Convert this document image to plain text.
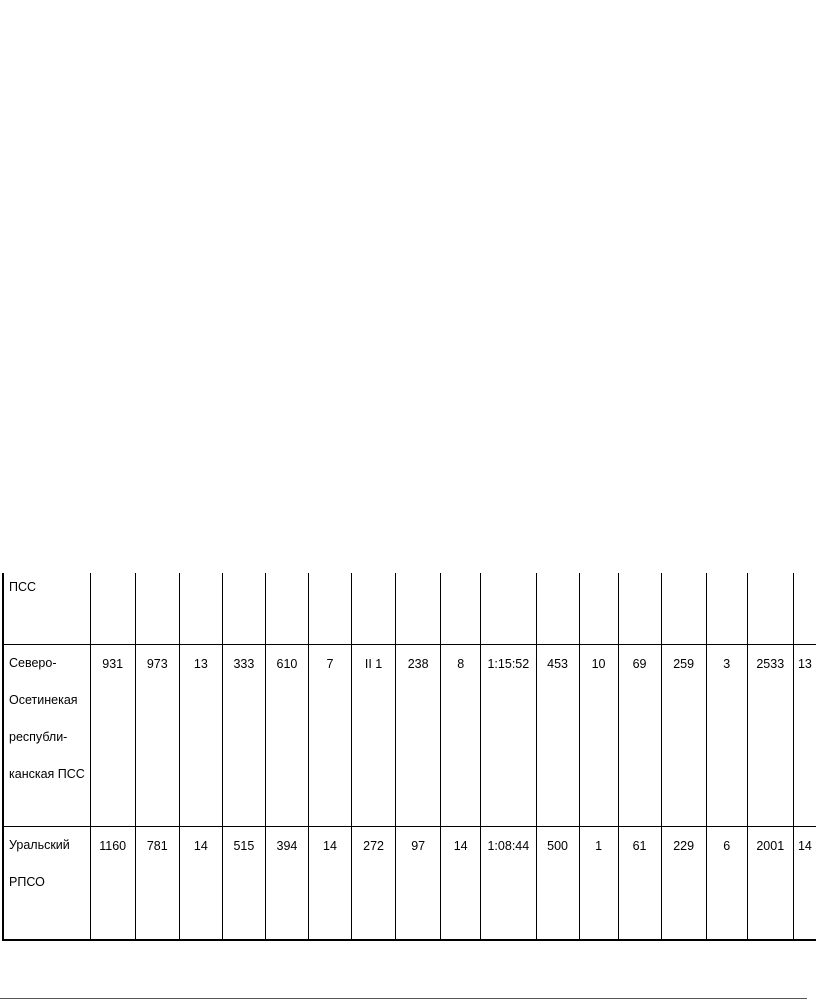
ПСС																	

Северо-
Осетинекая
республи-
канская ПСС	931	973	13	333	610	7	II 1	238	8	1:15:52	453	10	69	259	3	2533	13

Уральский
РПСО	1160	781	14	515	394	14	272	97	14	1:08:44	500	1	61	229	6	2001	14
